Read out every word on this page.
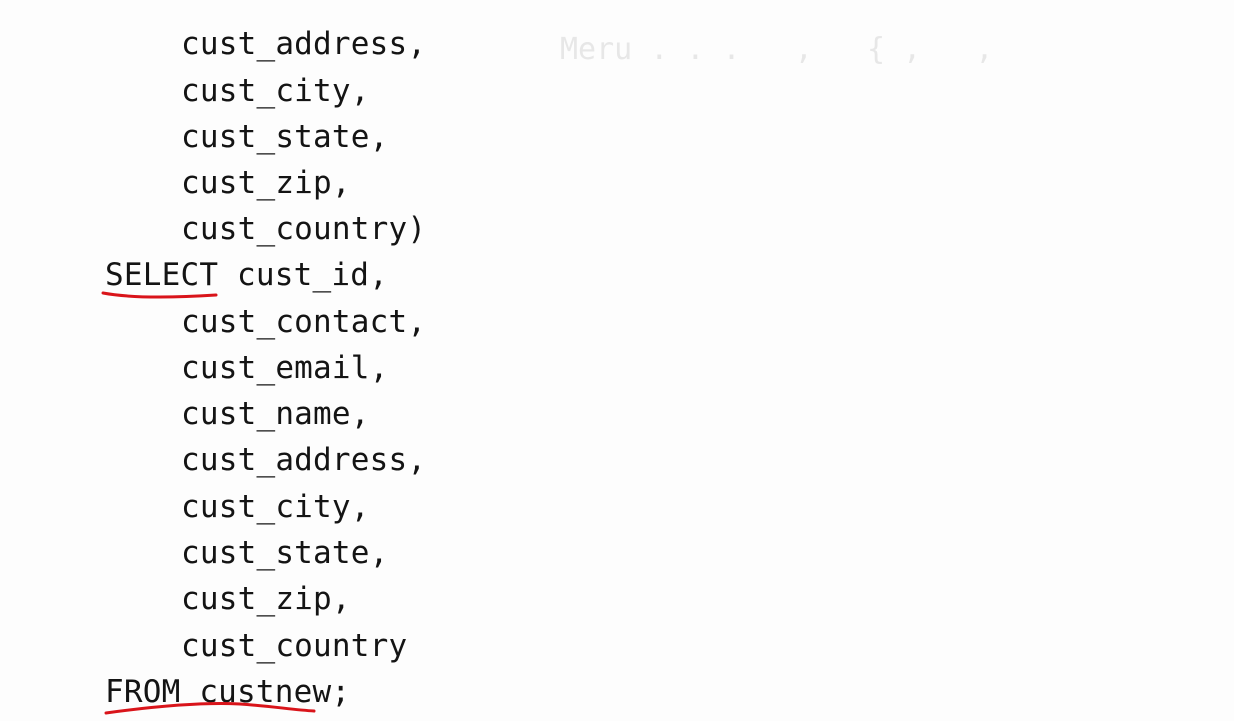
Meru . . .   ,   { ,   ,
cust_address,
cust_city,
cust_state,
cust_zip,
cust_country)
SELECT cust_id,
cust_contact,
cust_email,
cust_name,
cust_address,
cust_city,
cust_state,
cust_zip,
cust_country
FROM custnew;
